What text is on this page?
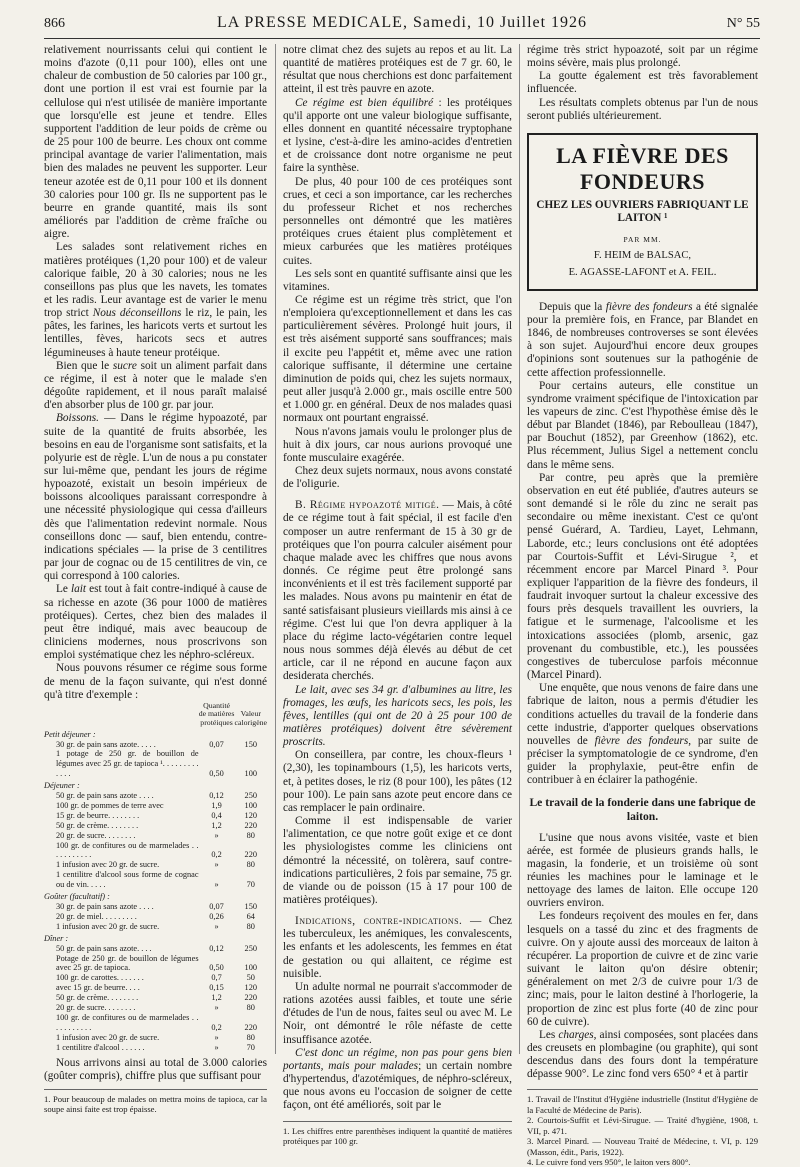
866	LA PRESSE MEDICALE, Samedi, 10 Juillet 1926	N° 55

relativement nourrissants celui qui contient le moins d'azote (0,11 pour 100), elles ont une chaleur de combustion de 50 calories par 100 gr., dont une portion il est vrai est fournie par la cellulose qui n'est utilisée de manière importante que lorsqu'elle est jeune et tendre. Elles supportent l'addition de leur poids de crème ou de 25 pour 100 de beurre. Les choux ont comme principal avantage de varier l'alimentation, mais bien des malades ne peuvent les supporter. Leur teneur azotée est de 0,11 pour 100 et ils donnent 30 calories pour 100 gr. Ils ne supportent pas le beurre en grande quantité, mais ils sont améliorés par l'addition de crème fraîche ou aigre.

Les salades sont relativement riches en matières protéiques (1,20 pour 100) et de valeur calorique faible, 20 à 30 calories; nous ne les conseillons pas plus que les navets, les tomates et les radis. Leur avantage est de varier le menu trop strict Nous déconseillons le riz, le pain, les pâtes, les farines, les haricots verts et surtout les lentilles, fèves, haricots secs et autres légumineuses à haute teneur protéique.

Bien que le sucre soit un aliment parfait dans ce régime, il est à noter que le malade s'en dégoûte rapidement, et il nous paraît malaisé d'en absorber plus de 100 gr. par jour.

Boissons. — Dans le régime hypoazoté, par suite de la quantité de fruits absorbée, les besoins en eau de l'organisme sont satisfaits, et la polyurie est de règle. L'un de nous a pu constater sur lui-même que, pendant les jours de régime hypoazoté, existait un besoin impérieux de boissons alcooliques paraissant correspondre à une nécessité physiologique qui cessa d'ailleurs dès que l'alimentation redevint normale. Nous conseillons donc — sauf, bien entendu, contre-indications spéciales — la prise de 3 centilitres par jour de cognac ou de 15 centilitres de vin, ce qui correspond à 100 calories.

Le lait est tout à fait contre-indiqué à cause de sa richesse en azote (36 pour 1000 de matières protéiques). Certes, chez bien des malades il peut être indiqué, mais avec beaucoup de cliniciens modernes, nous proscrivons son emploi systématique chez les néphro-scléreux.

Nous pouvons résumer ce régime sous forme de menu de la façon suivante, qui n'est donné qu'à titre d'exemple :

	Quantité de matières protéiques	Valeur calorigène
Petit déjeuner :		
30 gr. de pain sans azote. . . . .	0,07	150
1 potage de 250 gr. de bouillon de légumes avec 25 gr. de tapioca ¹. . . . . . . . . . . . .	0,50	100
Déjeuner :		
50 gr. de pain sans azote . . . .	0,12	250
100 gr. de pommes de terre avec	1,9	100
15 gr. de beurre. . . . . . . .	0,4	120
50 gr. de crème. . . . . . . .	1,2	220
20 gr. de sucre. . . . . . . .	»	80
100 gr. de confitures ou de marmelades . . . . . . . . . . .	0,2	220
1 infusion avec 20 gr. de sucre.	»	80
1 centilitre d'alcool sous forme de cognac ou de vin. . . . .	»	70
Goûter (facultatif) :		
30 gr. de pain sans azote . . . .	0,07	150
20 gr. de miel. . . . . . . . .	0,26	64
1 infusion avec 20 gr. de sucre.	»	80
Dîner :		
50 gr. de pain sans azote. . . .	0,12	250
Potage de 250 gr. de bouillon de légumes avec 25 gr. de tapioca.	0,50	100
100 gr. de carottes. . . . . . .	0,7	50
avec 15 gr. de beurre. . . .	0,15	120
50 gr. de crème. . . . . . . .	1,2	220
20 gr. de sucre. . . . . . . .	»	80
100 gr. de confitures ou de marmelades . . . . . . . . . . .	0,2	220
1 infusion avec 20 gr. de sucre.	»	80
1 centilitre d'alcool . . . . . .	»	70

Nous arrivons ainsi au total de 3.000 calories (goûter compris), chiffre plus que suffisant pour

1. Pour beaucoup de malades on mettra moins de tapioca, car la soupe ainsi faite est trop épaisse.

notre climat chez des sujets au repos et au lit. La quantité de matières protéiques est de 7 gr. 60, le résultat que nous cherchions est donc parfaitement atteint, il est très pauvre en azote.

Ce régime est bien équilibré : les protéiques qu'il apporte ont une valeur biologique suffisante, elles donnent en quantité nécessaire tryptophane et lysine, c'est-à-dire les amino-acides d'entretien et de croissance dont notre organisme ne peut faire la synthèse.

De plus, 40 pour 100 de ces protéiques sont crues, et ceci a son importance, car les recherches du professeur Richet et nos recherches personnelles ont démontré que les matières protéiques crues étaient plus complètement et mieux carburées que les matières protéiques cuites.

Les sels sont en quantité suffisante ainsi que les vitamines.

Ce régime est un régime très strict, que l'on n'emploiera qu'exceptionnellement et dans les cas particulièrement sévères. Prolongé huit jours, il est très aisément supporté sans souffrances; mais il excite peu l'appétit et, même avec une ration calorique suffisante, il détermine une certaine diminution de poids qui, chez les sujets normaux, peut aller jusqu'à 2.000 gr., mais oscille entre 500 et 1.000 gr. en général. Deux de nos malades quasi normaux ont pourtant engraissé.

Nous n'avons jamais voulu le prolonger plus de huit à dix jours, car nous aurions provoqué une fonte musculaire exagérée.

Chez deux sujets normaux, nous avons constaté de l'oligurie.

B. Régime hypoazoté mitigé. — Mais, à côté de ce régime tout à fait spécial, il est facile d'en composer un autre renfermant de 15 à 30 gr de protéiques que l'on pourra calculer aisément pour chaque malade avec les chiffres que nous avons donnés. Ce régime peut être prolongé sans inconvénients et il est très facilement supporté par les malades. Nous avons pu maintenir en état de santé satisfaisant plusieurs vieillards mis ainsi à ce régime. C'est lui que l'on devra appliquer à la place du régime lacto-végétarien contre lequel nous nous sommes déjà élevés au début de cet article, car il ne répond en aucune façon aux desiderata cherchés.

Le lait, avec ses 34 gr. d'albumines au litre, les fromages, les œufs, les haricots secs, les pois, les fèves, lentilles (qui ont de 20 à 25 pour 100 de matières protéiques) doivent être sévèrement proscrits.

On conseillera, par contre, les choux-fleurs ¹ (2,30), les topinambours (1,5), les haricots verts, et, à petites doses, le riz (8 pour 100), les pâtes (12 pour 100). Le pain sans azote peut encore dans ce cas remplacer le pain ordinaire.

Comme il est indispensable de varier l'alimentation, ce que notre goût exige et ce dont les physiologistes comme les cliniciens ont démontré la nécessité, on tolèrera, sauf contre-indications particulières, 2 fois par semaine, 75 gr. de viande ou de poisson (15 à 17 pour 100 de matières protéiques).

Indications, contre-indications. — Chez les tuberculeux, les anémiques, les convalescents, les enfants et les adolescents, les femmes en état de gestation ou qui allaitent, ce régime est nuisible.

Un adulte normal ne pourrait s'accommoder de rations azotées aussi faibles, et toute une série d'études de l'un de nous, faites seul ou avec M. Le Noir, ont démontré le rôle néfaste de cette insuffisance azotée.

C'est donc un régime, non pas pour gens bien portants, mais pour malades; un certain nombre d'hypertendus, d'azotémiques, de néphro-scléreux, que nous avons eu l'occasion de soigner de cette façon, ont été améliorés, soit par le

1. Les chiffres entre parenthèses indiquent la quantité de matières protéiques par 100 gr.

régime très strict hypoazoté, soit par un régime moins sévère, mais plus prolongé.

La goutte également est très favorablement influencée.

Les résultats complets obtenus par l'un de nous seront publiés ultérieurement.

LA FIÈVRE DES FONDEURS
CHEZ LES OUVRIERS FABRIQUANT LE LAITON ¹
PAR MM.
F. HEIM de BALSAC,
E. AGASSE-LAFONT et A. FEIL.

Depuis que la fièvre des fondeurs a été signalée pour la première fois, en France, par Blandet en 1846, de nombreuses controverses se sont élevées à son sujet. Aujourd'hui encore deux groupes d'opinions sont soutenues sur la pathogénie de cette affection professionnelle.

Pour certains auteurs, elle constitue un syndrome vraiment spécifique de l'intoxication par les vapeurs de zinc. C'est l'hypothèse émise dès le début par Blandet (1846), par Reboulleau (1847), par Bouchut (1852), par Greenhow (1862), etc. Plus récemment, Julius Sigel a nettement conclu dans le même sens.

Par contre, peu après que la première observation en eut été publiée, d'autres auteurs se sont demandé si le rôle du zinc ne serait pas secondaire ou même inexistant. C'est ce qu'ont pensé Guérard, A. Tardieu, Layet, Lehmann, Laborde, etc.; leurs conclusions ont été adoptées par Courtois-Suffit et Lévi-Sirugue ², et récemment encore par Marcel Pinard ³. Pour expliquer l'apparition de la fièvre des fondeurs, il faudrait invoquer surtout la chaleur excessive des fours près desquels travaillent les ouvriers, la fatigue et le surmenage, l'alcoolisme et les intoxications associées (plomb, arsenic, gaz provenant du combustible, etc.), les poussées congestives de tuberculose parfois méconnue (Marcel Pinard).

Une enquête, que nous venons de faire dans une fabrique de laiton, nous a permis d'étudier les conditions actuelles du travail de la fonderie dans cette industrie, d'apporter quelques observations nouvelles de fièvre des fondeurs, par suite de préciser la symptomatologie de ce syndrome, d'en guider la prophylaxie, peut-être enfin de contribuer à en éclairer la pathogénie.

Le travail de la fonderie dans une fabrique de laiton.

L'usine que nous avons visitée, vaste et bien aérée, est formée de plusieurs grands halls, le magasin, la fonderie, et un troisième où sont réunies les machines pour le laminage et le nettoyage des lames de laiton. Elle occupe 120 ouvriers environ.

Les fondeurs reçoivent des moules en fer, dans lesquels on a tassé du zinc et des fragments de cuivre. On y ajoute aussi des morceaux de laiton à récupérer. La proportion de cuivre et de zinc varie suivant le laiton qu'on désire obtenir; généralement on met 2/3 de cuivre pour 1/3 de zinc; mais, pour le laiton destiné à l'horlogerie, la proportion de zinc est plus forte (40 de zinc pour 60 de cuivre).

Les charges, ainsi composées, sont placées dans des creusets en plombagine (ou graphite), qui sont descendus dans des fours dont la température dépasse 900°. Le zinc fond vers 650° ⁴ et à partir

1. Travail de l'Institut d'Hygiène industrielle (Institut d'Hygiène de la Faculté de Médecine de Paris).
2. Courtois-Suffit et Lévi-Sirugue. — Traité d'hygiène, 1908, t. VII, p. 471.
3. Marcel Pinard. — Nouveau Traité de Médecine, t. VI, p. 129 (Masson, édit., Paris, 1922).
4. Le cuivre fond vers 950°, le laiton vers 800°.
